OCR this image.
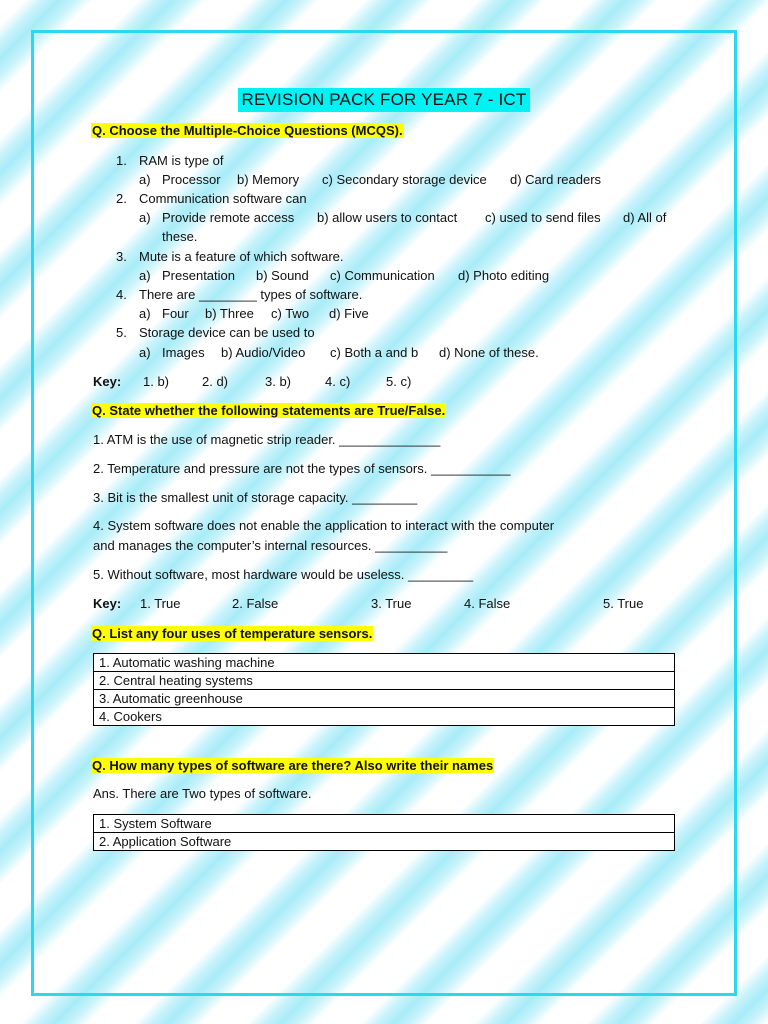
REVISION PACK FOR YEAR 7 - ICT
Q. Choose the Multiple-Choice Questions (MCQS).
1. RAM is type of
a) Processor b) Memory c) Secondary storage device d) Card readers
2. Communication software can
a) Provide remote access b) allow users to contact c) used to send files d) All of
these.
3. Mute is a feature of which software.
a) Presentation b) Sound c) Communication d) Photo editing
4. There are ________ types of software.
a) Four b) Three c) Two d) Five
5. Storage device can be used to
a) Images b) Audio/Video c) Both a and b d) None of these.
Key: 1. b)	2. d)	3. b)	4. c)	5. c)
Q. State whether the following statements are True/False.
1. ATM is the use of magnetic strip reader. ______________
2. Temperature and pressure are not the types of sensors. ___________
3. Bit is the smallest unit of storage capacity. _________
4. System software does not enable the application to interact with the computer
and manages the computer’s internal resources. __________
5. Without software, most hardware would be useless. _________
Key: 1. True	2. False	3. True	4. False	5. True
Q. List any four uses of temperature sensors.
1. Automatic washing machine
2. Central heating systems
3. Automatic greenhouse
4. Cookers
Q. How many types of software are there? Also write their names
Ans. There are Two types of software.
1. System Software
2. Application Software
